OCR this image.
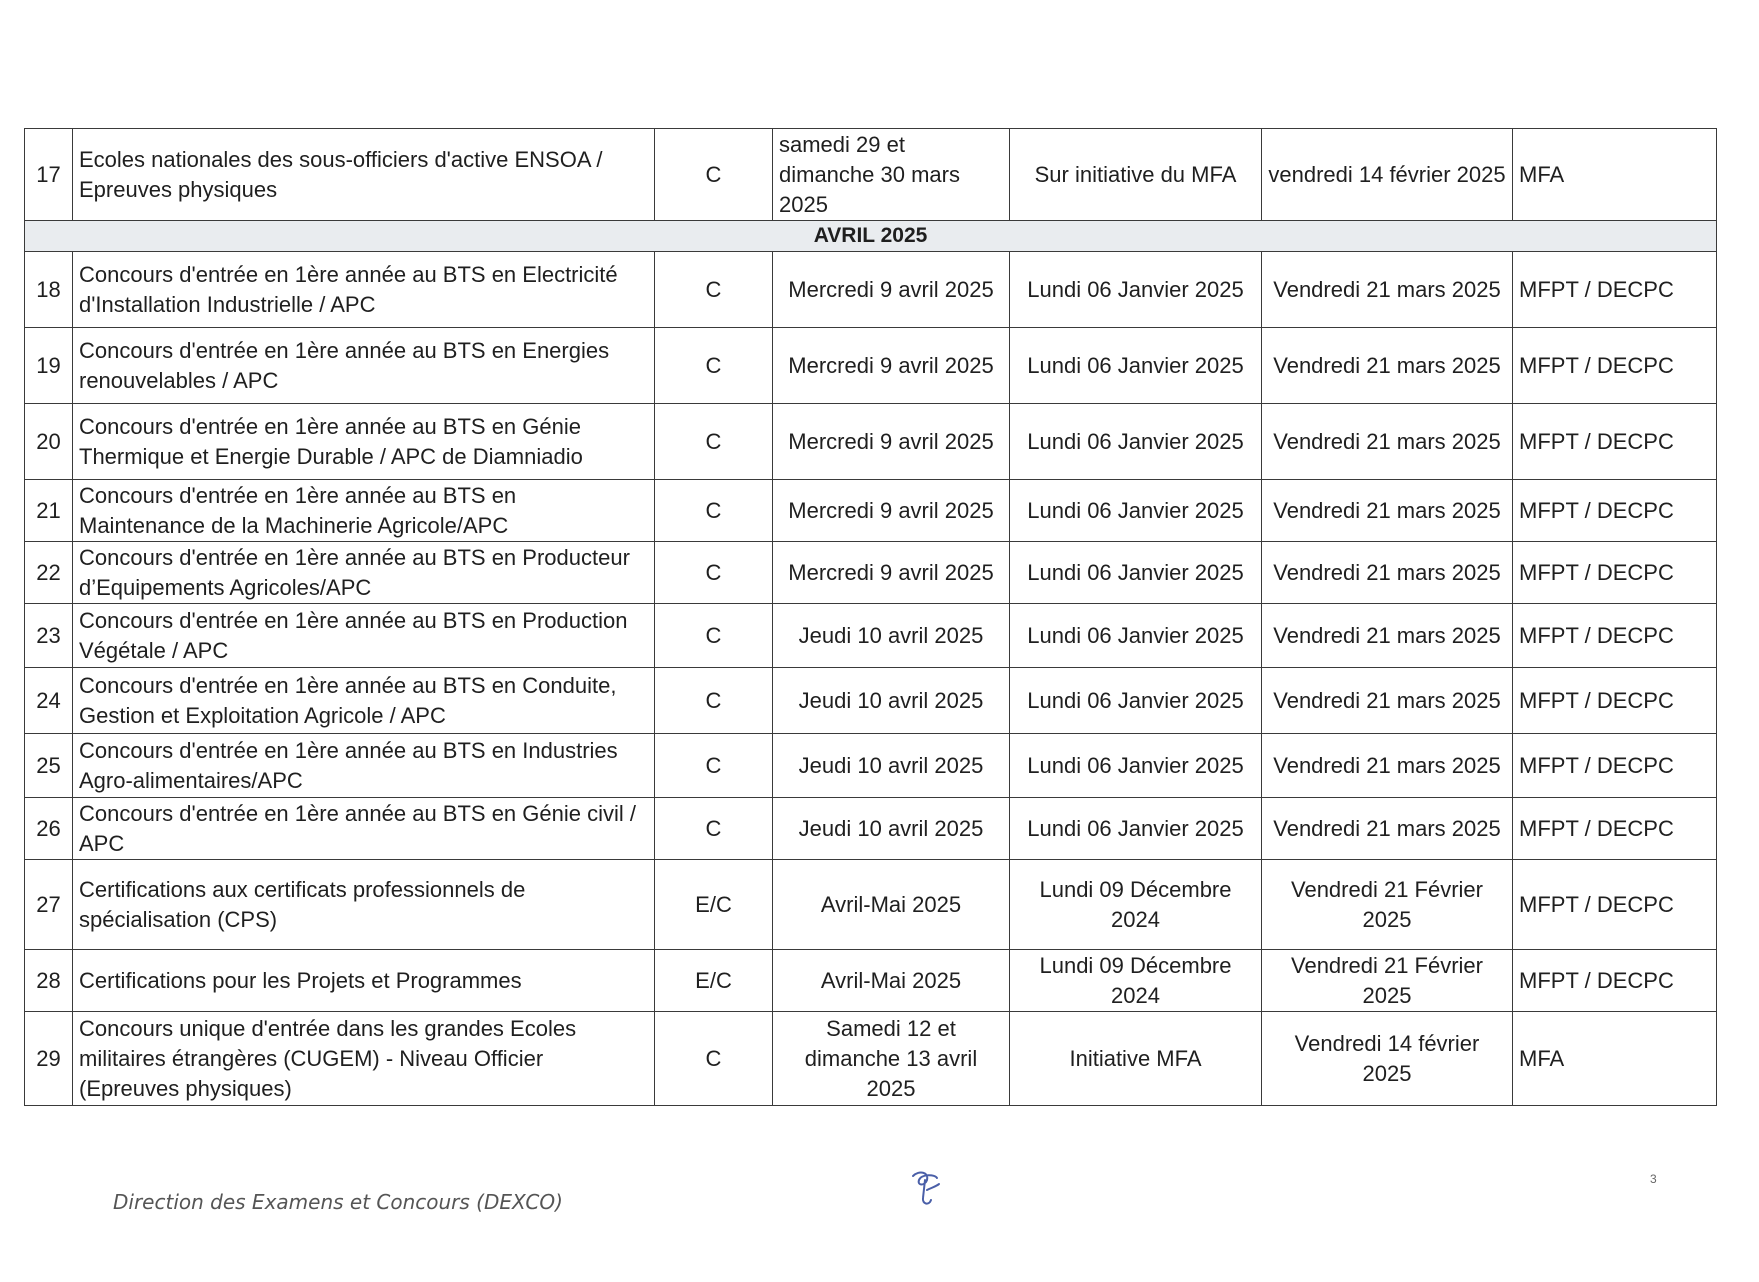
17	Ecoles nationales des sous-officiers d'active ENSOA / Epreuves physiques	C	samedi 29 et dimanche 30 mars 2025	Sur initiative du MFA	vendredi 14 février 2025	MFA
AVRIL 2025						
18	Concours d'entrée en 1ère année au BTS en Electricité d'Installation Industrielle / APC	C	Mercredi 9 avril 2025	Lundi 06 Janvier 2025	Vendredi 21 mars 2025	MFPT / DECPC
19	Concours d'entrée en 1ère année au BTS en Energies renouvelables / APC	C	Mercredi 9 avril 2025	Lundi 06 Janvier 2025	Vendredi 21 mars 2025	MFPT / DECPC
20	Concours d'entrée en 1ère année au BTS en Génie Thermique et Energie Durable / APC de Diamniadio	C	Mercredi 9 avril 2025	Lundi 06 Janvier 2025	Vendredi 21 mars 2025	MFPT / DECPC
21	Concours d'entrée en 1ère année au BTS en Maintenance de la Machinerie Agricole/APC	C	Mercredi 9 avril 2025	Lundi 06 Janvier 2025	Vendredi 21 mars 2025	MFPT / DECPC
22	Concours d'entrée en 1ère année au BTS en Producteur d’Equipements Agricoles/APC	C	Mercredi 9 avril 2025	Lundi 06 Janvier 2025	Vendredi 21 mars 2025	MFPT / DECPC
23	Concours d'entrée en 1ère année au BTS en Production Végétale / APC	C	Jeudi 10 avril 2025	Lundi 06 Janvier 2025	Vendredi 21 mars 2025	MFPT / DECPC
24	Concours d'entrée en 1ère année au BTS en Conduite, Gestion et Exploitation Agricole / APC	C	Jeudi 10 avril 2025	Lundi 06 Janvier 2025	Vendredi 21 mars 2025	MFPT / DECPC
25	Concours d'entrée en 1ère année au BTS en Industries Agro-alimentaires/APC	C	Jeudi 10 avril 2025	Lundi 06 Janvier 2025	Vendredi 21 mars 2025	MFPT / DECPC
26	Concours d'entrée en 1ère année au BTS en Génie civil / APC	C	Jeudi 10 avril 2025	Lundi 06 Janvier 2025	Vendredi 21 mars 2025	MFPT / DECPC
27	Certifications aux certificats professionnels de spécialisation (CPS)	E/C	Avril-Mai 2025	Lundi 09 Décembre 2024	Vendredi 21 Février 2025	MFPT / DECPC
28	Certifications pour les Projets et Programmes	E/C	Avril-Mai 2025	Lundi 09 Décembre 2024	Vendredi 21 Février 2025	MFPT / DECPC
29	Concours unique d'entrée dans les grandes Ecoles militaires étrangères (CUGEM) - Niveau Officier (Epreuves physiques)	C	Samedi 12 et dimanche 13 avril 2025	Initiative MFA	Vendredi 14 février 2025	MFA
Direction des Examens et Concours (DEXCO)
3
